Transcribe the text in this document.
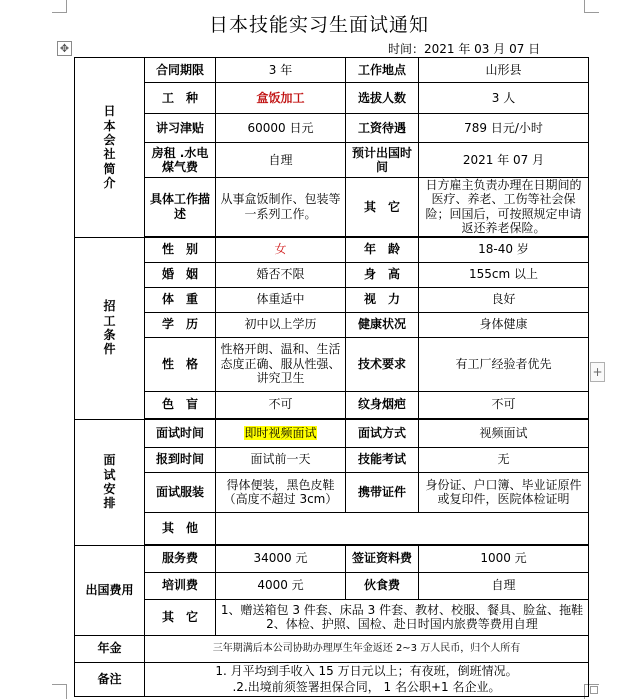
日本技能实习生面试通知
✥	时间：2021 年 03 月 07 日
日本会社简介	合同期限	3 年	工作地点	山形县
	工　种	盒饭加工	选拔人数	3 人
	讲习津贴	60000 日元	工资待遇	789 日元/小时
	房租 .水电煤气费	自理	预计出国时间	2021 年 07 月
	具体工作描述	从事盒饭制作、包装等一系列工作。	其　它	日方雇主负责办理在日期间的医疗、养老、工伤等社会保险；回国后，可按照规定申请返还养老保险。

招工条件	性　别	女	年　龄	18-40 岁
	婚　姻	婚否不限	身　高	155cm 以上
	体　重	体重适中	视　力	良好
	学　历	初中以上学历	健康状况	身体健康
	性　格	性格开朗、温和、生活态度正确、服从性强、讲究卫生	技术要求	有工厂经验者优先
	色　盲	不可	纹身烟疤	不可

面试安排	面试时间	即时视频面试	面试方式	视频面试
	报到时间	面试前一天	技能考试	无
	面试服装	得体便装，黑色皮鞋（高度不超过 3cm）	携带证件	身份证、户口簿、毕业证原件或复印件，医院体检证明
	其　他			

出国费用	服务费	34000 元	签证资料费	1000 元
	培训费	4000 元	伙食费	自理
	其　它	1、赠送箱包 3 件套、床品 3 件套、教材、校服、餐具、脸盆、拖鞋
2、体检、护照、国检、赴日时国内旅费等费用自理		

年金	三年期满后本公司协助办理厚生年金返还 2~3 万人民币，归个人所有			
备注	1. 月平均到手收入 15 万日元以上；有夜班，倒班情况。
.2.出境前须签署担保合同， 1 名公职+1 名企业。			
+
